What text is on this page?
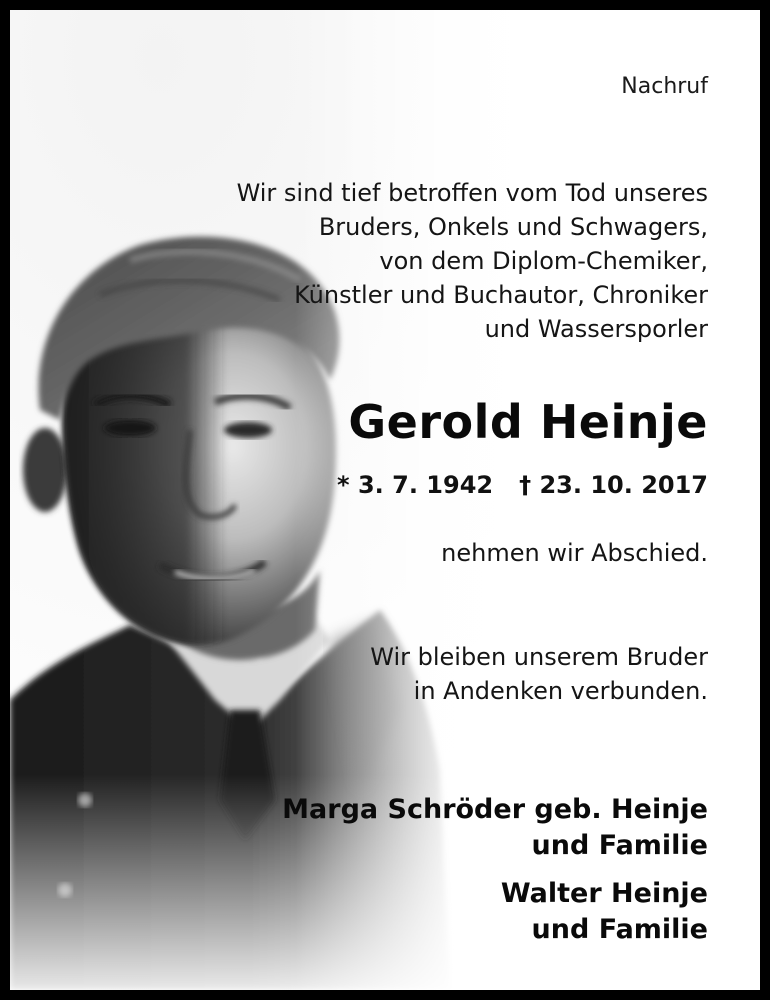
Nachruf
Wir sind tief betroffen vom Tod unseres
Bruders, Onkels und Schwagers,
von dem Diplom-Chemiker,
Künstler und Buchautor, Chroniker
und Wassersporler
Gerold Heinje
* 3. 7. 1942 † 23. 10. 2017
nehmen wir Abschied.
Wir bleiben unserem Bruder
in Andenken verbunden.
Marga Schröder geb. Heinje
und Familie
Walter Heinje
und Familie
